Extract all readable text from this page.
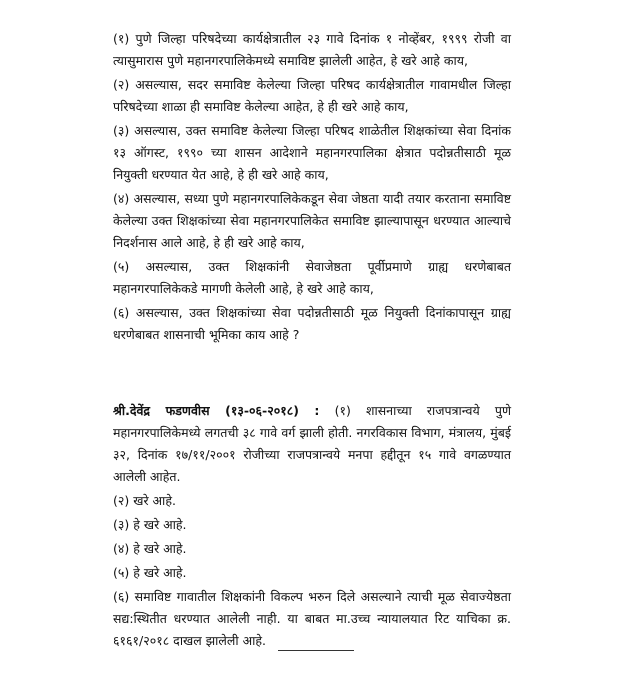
(१) पुणे जिल्हा परिषदेच्या कार्यक्षेत्रातील २३ गावे दिनांक १ नोव्हेंबर, १९९९ रोजी वा त्यासुमारास पुणे महानगरपालिकेमध्ये समाविष्ट झालेली आहेत, हे खरे आहे काय,

(२) असल्यास, सदर समाविष्ट केलेल्या जिल्हा परिषद कार्यक्षेत्रातील गावामधील जिल्हा परिषदेच्या शाळा ही समाविष्ट केलेल्या आहेत, हे ही खरे आहे काय,

(३) असल्यास, उक्त समाविष्ट केलेल्या जिल्हा परिषद शाळेतील शिक्षकांच्या सेवा दिनांक १३ ऑगस्ट, १९९० च्या शासन आदेशाने महानगरपालिका क्षेत्रात पदोन्नतीसाठी मूळ नियुक्ती धरण्यात येत आहे, हे ही खरे आहे काय,

(४) असल्यास, सध्या पुणे महानगरपालिकेकडून सेवा जेष्ठता यादी तयार करताना समाविष्ट केलेल्या उक्त शिक्षकांच्या सेवा महानगरपालिकेत समाविष्ट झाल्यापासून धरण्यात आल्याचे निदर्शनास आले आहे, हे ही खरे आहे काय,

(५) असल्यास, उक्त शिक्षकांनी सेवाजेष्ठता पूर्वीप्रमाणे ग्राह्य धरणेबाबत महानगरपालिकेकडे मागणी केलेली आहे, हे खरे आहे काय,

(६) असल्यास, उक्त शिक्षकांच्या सेवा पदोन्नतीसाठी मूळ नियुक्ती दिनांकापासून ग्राह्य धरणेबाबत शासनाची भूमिका काय आहे ?

श्री.देवेंद्र फडणवीस (१३-०६-२०१८) : (१) शासनाच्या राजपत्रान्वये पुणे महानगरपालिकेमध्ये लगतची ३८ गावे वर्ग झाली होती. नगरविकास विभाग, मंत्रालय, मुंबई ३२, दिनांक १७/११/२००१ रोजीच्या राजपत्रान्वये मनपा हद्दीतून १५ गावे वगळण्यात आलेली आहेत.

(२) खरे आहे.

(३) हे खरे आहे.

(४) हे खरे आहे.

(५) हे खरे आहे.

(६) समाविष्ट गावातील शिक्षकांनी विकल्प भरुन दिले असल्याने त्याची मूळ सेवाज्येष्ठता सद्य:स्थितीत धरण्यात आलेली नाही. या बाबत मा.उच्च न्यायालयात रिट याचिका क्र. ६१६१/२०१८ दाखल झालेली आहे.
